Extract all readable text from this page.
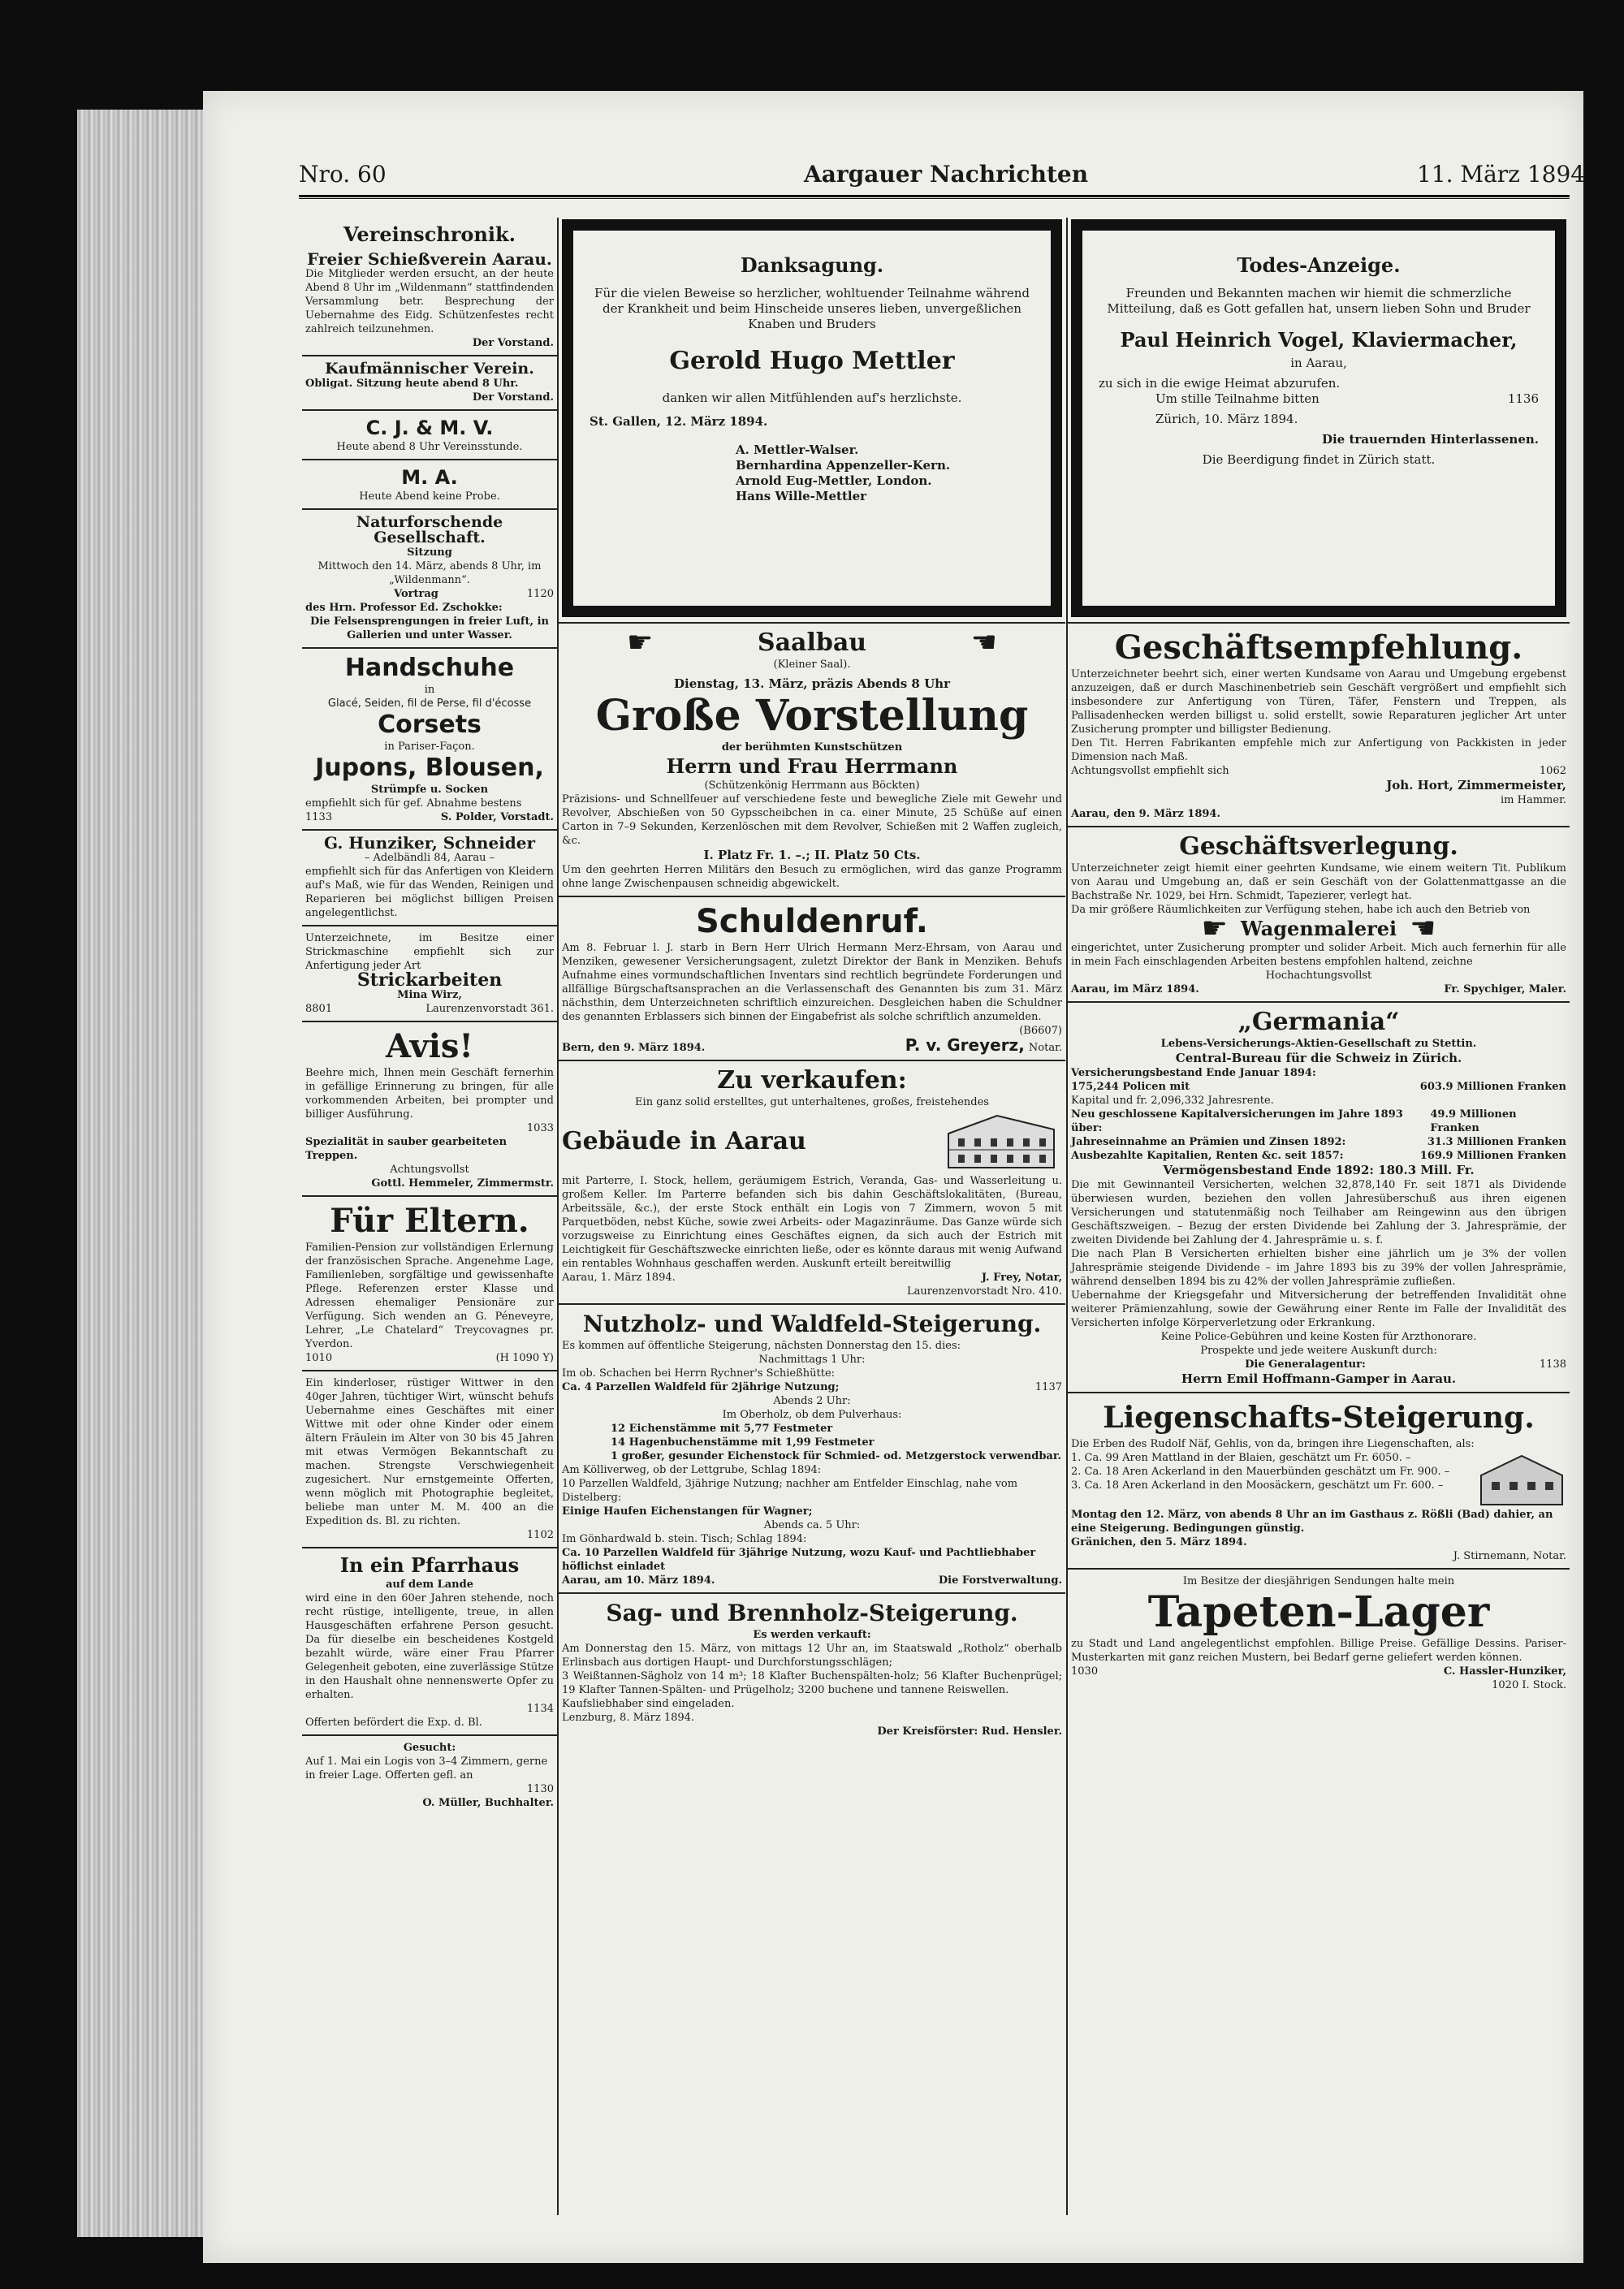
Nro. 60	Aargauer Nachrichten	11. März 1894
Vereinschronik.
Freier Schießverein Aarau.
Die Mitglieder werden ersucht, an der heute Abend 8 Uhr im „Wildenmann“ stattfindenden Versammlung betr. Besprechung der Uebernahme des Eidg. Schützenfestes recht zahlreich teilzunehmen.
Der Vorstand.
Kaufmännischer Verein.
Obligat. Sitzung heute abend 8 Uhr.
Der Vorstand.
C. J. & M. V.
Heute abend 8 Uhr Vereinsstunde.
M. A.
Heute Abend keine Probe.
Naturforschende Gesellschaft.
Sitzung
Mittwoch den 14. März, abends 8 Uhr, im „Wildenmann“.
Vortrag	1120
des Hrn. Professor Ed. Zschokke:
Die Felsensprengungen in freier Luft, in Gallerien und unter Wasser.
Handschuhe
in
Glacé, Seiden, fil de Perse, fil d'écosse
Corsets
in Pariser-Façon.
Jupons, Blousen,
Strümpfe u. Socken
empfiehlt sich für gef. Abnahme bestens
1133	S. Polder, Vorstadt.
G. Hunziker, Schneider
– Adelbändli 84, Aarau –
empfiehlt sich für das Anfertigen von Kleidern auf's Maß, wie für das Wenden, Reinigen und Reparieren bei möglichst billigen Preisen angelegentlichst.
Unterzeichnete, im Besitze einer Strickmaschine empfiehlt sich zur Anfertigung jeder Art
Strickarbeiten
Mina Wirz,
8801	Laurenzenvorstadt 361.
Avis!
Beehre mich, Ihnen mein Geschäft fernerhin in gefällige Erinnerung zu bringen, für alle vorkommenden Arbeiten, bei prompter und billiger Ausführung.
1033
Spezialität in sauber gearbeiteten Treppen.
Achtungsvollst
Gottl. Hemmeler, Zimmermstr.
Für Eltern.
Familien-Pension zur vollständigen Erlernung der französischen Sprache. Angenehme Lage, Familienleben, sorgfältige und gewissenhafte Pflege. Referenzen erster Klasse und Adressen ehemaliger Pensionäre zur Verfügung. Sich wenden an G. Péneveyre, Lehrer, „Le Chatelard“ Treycovagnes pr. Yverdon.
1010	(H 1090 Y)
Ein kinderloser, rüstiger Wittwer in den 40ger Jahren, tüchtiger Wirt, wünscht behufs Uebernahme eines Geschäftes mit einer Wittwe mit oder ohne Kinder oder einem ältern Fräulein im Alter von 30 bis 45 Jahren mit etwas Vermögen Bekanntschaft zu machen. Strengste Verschwiegenheit zugesichert. Nur ernstgemeinte Offerten, wenn möglich mit Photographie begleitet, beliebe man unter M. M. 400 an die Expedition ds. Bl. zu richten.
1102
In ein Pfarrhaus
auf dem Lande
wird eine in den 60er Jahren stehende, noch recht rüstige, intelligente, treue, in allen Hausgeschäften erfahrene Person gesucht. Da für dieselbe ein bescheidenes Kostgeld bezahlt würde, wäre einer Frau Pfarrer Gelegenheit geboten, eine zuverlässige Stütze in den Haushalt ohne nennenswerte Opfer zu erhalten.
1134
Offerten befördert die Exp. d. Bl.
Gesucht:
Auf 1. Mai ein Logis von 3–4 Zimmern, gerne in freier Lage. Offerten gefl. an
1130
O. Müller, Buchhalter.
Danksagung.
Für die vielen Beweise so herzlicher, wohltuender Teilnahme während der Krankheit und beim Hinscheide unseres lieben, unvergeßlichen Knaben und Bruders
Gerold Hugo Mettler
danken wir allen Mitfühlenden auf's herzlichste.
St. Gallen, 12. März 1894.
A. Mettler-Walser.
Bernhardina Appenzeller-Kern.
Arnold Eug-Mettler, London.
Hans Wille-Mettler
☛	Saalbau	☚
(Kleiner Saal).
Dienstag, 13. März, präzis Abends 8 Uhr
Große Vorstellung
der berühmten Kunstschützen
Herrn und Frau Herrmann
(Schützenkönig Herrmann aus Böckten)
Präzisions- und Schnellfeuer auf verschiedene feste und bewegliche Ziele mit Gewehr und Revolver, Abschießen von 50 Gypsscheibchen in ca. einer Minute, 25 Schüße auf einen Carton in 7–9 Sekunden, Kerzenlöschen mit dem Revolver, Schießen mit 2 Waffen zugleich, &c.
I. Platz Fr. 1. –.; II. Platz 50 Cts.
Um den geehrten Herren Militärs den Besuch zu ermöglichen, wird das ganze Programm ohne lange Zwischenpausen schneidig abgewickelt.
Schuldenruf.
Am 8. Februar l. J. starb in Bern Herr Ulrich Hermann Merz-Ehrsam, von Aarau und Menziken, gewesener Versicherungsagent, zuletzt Direktor der Bank in Menziken. Behufs Aufnahme eines vormundschaftlichen Inventars sind rechtlich begründete Forderungen und allfällige Bürgschaftsansprachen an die Verlassenschaft des Genannten bis zum 31. März nächsthin, dem Unterzeichneten schriftlich einzureichen. Desgleichen haben die Schuldner des genannten Erblassers sich binnen der Eingabefrist als solche schriftlich anzumelden.
(B6607)
Bern, den 9. März 1894.	P. v. Greyerz, Notar.
Zu verkaufen:
Ein ganz solid erstelltes, gut unterhaltenes, großes, freistehendes
Gebäude in Aarau
mit Parterre, I. Stock, hellem, geräumigem Estrich, Veranda, Gas- und Wasserleitung u. großem Keller. Im Parterre befanden sich bis dahin Geschäftslokalitäten, (Bureau, Arbeitssäle, &c.), der erste Stock enthält ein Logis von 7 Zimmern, wovon 5 mit Parquetböden, nebst Küche, sowie zwei Arbeits- oder Magazinräume. Das Ganze würde sich vorzugsweise zu Einrichtung eines Geschäftes eignen, da sich auch der Estrich mit Leichtigkeit für Geschäftszwecke einrichten ließe, oder es könnte daraus mit wenig Aufwand ein rentables Wohnhaus geschaffen werden. Auskunft erteilt bereitwillig
Aarau, 1. März 1894.	J. Frey, Notar,
Laurenzenvorstadt Nro. 410.
Nutzholz- und Waldfeld-Steigerung.
Es kommen auf öffentliche Steigerung, nächsten Donnerstag den 15. dies:
Nachmittags 1 Uhr:
Im ob. Schachen bei Herrn Rychner's Schießhütte:
Ca. 4 Parzellen Waldfeld für 2jährige Nutzung;	1137
Abends 2 Uhr:
Im Oberholz, ob dem Pulverhaus:
12 Eichenstämme mit 5,77 Festmeter
14 Hagenbuchenstämme mit 1,99 Festmeter
1 großer, gesunder Eichenstock für Schmied- od. Metzgerstock verwendbar.
Am Kölliverweg, ob der Lettgrube, Schlag 1894:
10 Parzellen Waldfeld, 3jährige Nutzung; nachher am Entfelder Einschlag, nahe vom Distelberg:
Einige Haufen Eichenstangen für Wagner;
Abends ca. 5 Uhr:
Im Gönhardwald b. stein. Tisch; Schlag 1894:
Ca. 10 Parzellen Waldfeld für 3jährige Nutzung, wozu Kauf- und Pachtliebhaber höflichst einladet
Aarau, am 10. März 1894.	Die Forstverwaltung.
Sag- und Brennholz-Steigerung.
Es werden verkauft:
Am Donnerstag den 15. März, von mittags 12 Uhr an, im Staatswald „Rotholz“ oberhalb Erlinsbach aus dortigen Haupt- und Durchforstungsschlägen;
3 Weißtannen-Sägholz von 14 m³; 18 Klafter Buchenspälten-holz; 56 Klafter Buchenprügel; 19 Klafter Tannen-Spälten- und Prügelholz; 3200 buchene und tannene Reiswellen.
Kaufsliebhaber sind eingeladen.
Lenzburg, 8. März 1894.
Der Kreisförster: Rud. Hensler.
Todes-Anzeige.
Freunden und Bekannten machen wir hiemit die schmerzliche Mitteilung, daß es Gott gefallen hat, unsern lieben Sohn und Bruder
Paul Heinrich Vogel, Klaviermacher,
in Aarau,
zu sich in die ewige Heimat abzurufen.
Um stille Teilnahme bitten	1136
Zürich, 10. März 1894.
Die trauernden Hinterlassenen.
Die Beerdigung findet in Zürich statt.
Geschäftsempfehlung.
Unterzeichneter beehrt sich, einer werten Kundsame von Aarau und Umgebung ergebenst anzuzeigen, daß er durch Maschinenbetrieb sein Geschäft vergrößert und empfiehlt sich insbesondere zur Anfertigung von Türen, Täfer, Fenstern und Treppen, als Pallisadenhecken werden billigst u. solid erstellt, sowie Reparaturen jeglicher Art unter Zusicherung prompter und billigster Bedienung.
Den Tit. Herren Fabrikanten empfehle mich zur Anfertigung von Packkisten in jeder Dimension nach Maß.
Achtungsvollst empfiehlt sich	1062
Joh. Hort, Zimmermeister,
im Hammer.
Aarau, den 9. März 1894.
Geschäftsverlegung.
Unterzeichneter zeigt hiemit einer geehrten Kundsame, wie einem weitern Tit. Publikum von Aarau und Umgebung an, daß er sein Geschäft von der Golattenmattgasse an die Bachstraße Nr. 1029, bei Hrn. Schmidt, Tapezierer, verlegt hat.
Da mir größere Räumlichkeiten zur Verfügung stehen, habe ich auch den Betrieb von
☛ Wagenmalerei ☚
eingerichtet, unter Zusicherung prompter und solider Arbeit. Mich auch fernerhin für alle in mein Fach einschlagenden Arbeiten bestens empfohlen haltend, zeichne
Hochachtungsvollst
Aarau, im März 1894.	Fr. Spychiger, Maler.
„Germania“
Lebens-Versicherungs-Aktien-Gesellschaft zu Stettin.
Central-Bureau für die Schweiz in Zürich.
Versicherungsbestand Ende Januar 1894:
175,244 Policen mit	603.9 Millionen Franken
Kapital und fr. 2,096,332 Jahresrente.
Neu geschlossene Kapitalversicherungen im Jahre 1893 über:
49.9 Millionen Franken
Jahreseinnahme an Prämien und Zinsen 1892:	31.3 Millionen Franken
Ausbezahlte Kapitalien, Renten &c. seit 1857:	169.9 Millionen Franken
Vermögensbestand Ende 1892: 180.3 Mill. Fr.
Die mit Gewinnanteil Versicherten, welchen 32,878,140 Fr. seit 1871 als Dividende überwiesen wurden, beziehen den vollen Jahresüberschuß aus ihren eigenen Versicherungen und statutenmäßig noch Teilhaber am Reingewinn aus den übrigen Geschäftszweigen. – Bezug der ersten Dividende bei Zahlung der 3. Jahresprämie, der zweiten Dividende bei Zahlung der 4. Jahresprämie u. s. f.
Die nach Plan B Versicherten erhielten bisher eine jährlich um je 3% der vollen Jahresprämie steigende Dividende – im Jahre 1893 bis zu 39% der vollen Jahresprämie, während denselben 1894 bis zu 42% der vollen Jahresprämie zufließen.
Uebernahme der Kriegsgefahr und Mitversicherung der betreffenden Invalidität ohne weiterer Prämienzahlung, sowie der Gewährung einer Rente im Falle der Invalidität des Versicherten infolge Körperverletzung oder Erkrankung.
Keine Police-Gebühren und keine Kosten für Arzthonorare.
Prospekte und jede weitere Auskunft durch:
Die Generalagentur:	1138
Herrn Emil Hoffmann-Gamper in Aarau.
Liegenschafts-Steigerung.
Die Erben des Rudolf Näf, Gehlis, von da, bringen ihre Liegenschaften, als:
1. Ca. 99 Aren Mattland in der Blaien, geschätzt um Fr. 6050. –
2. Ca. 18 Aren Ackerland in den Mauerbünden geschätzt um Fr. 900. –
3. Ca. 18 Aren Ackerland in den Moosäckern, geschätzt um Fr. 600. –
Montag den 12. März, von abends 8 Uhr an im Gasthaus z. Rößli (Bad) dahier, an eine Steigerung. Bedingungen günstig.
Gränichen, den 5. März 1894.
J. Stirnemann, Notar.
Im Besitze der diesjährigen Sendungen halte mein
Tapeten-Lager
zu Stadt und Land angelegentlichst empfohlen. Billige Preise. Gefällige Dessins. Pariser-Musterkarten mit ganz reichen Mustern, bei Bedarf gerne geliefert werden können.
1030	C. Hassler-Hunziker,
1020 I. Stock.
